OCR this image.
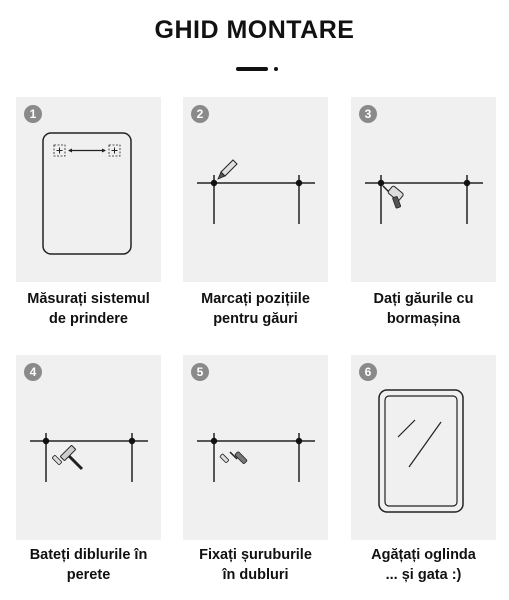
GHID MONTARE
1
Măsurați sistemul
de prindere
2
Marcați pozițiile
pentru găuri
3
Dați găurile cu
bormașina
4
Bateți diblurile în
perete
5
Fixați șuruburile
în dubluri
6
Agățați oglinda
... și gata :)
